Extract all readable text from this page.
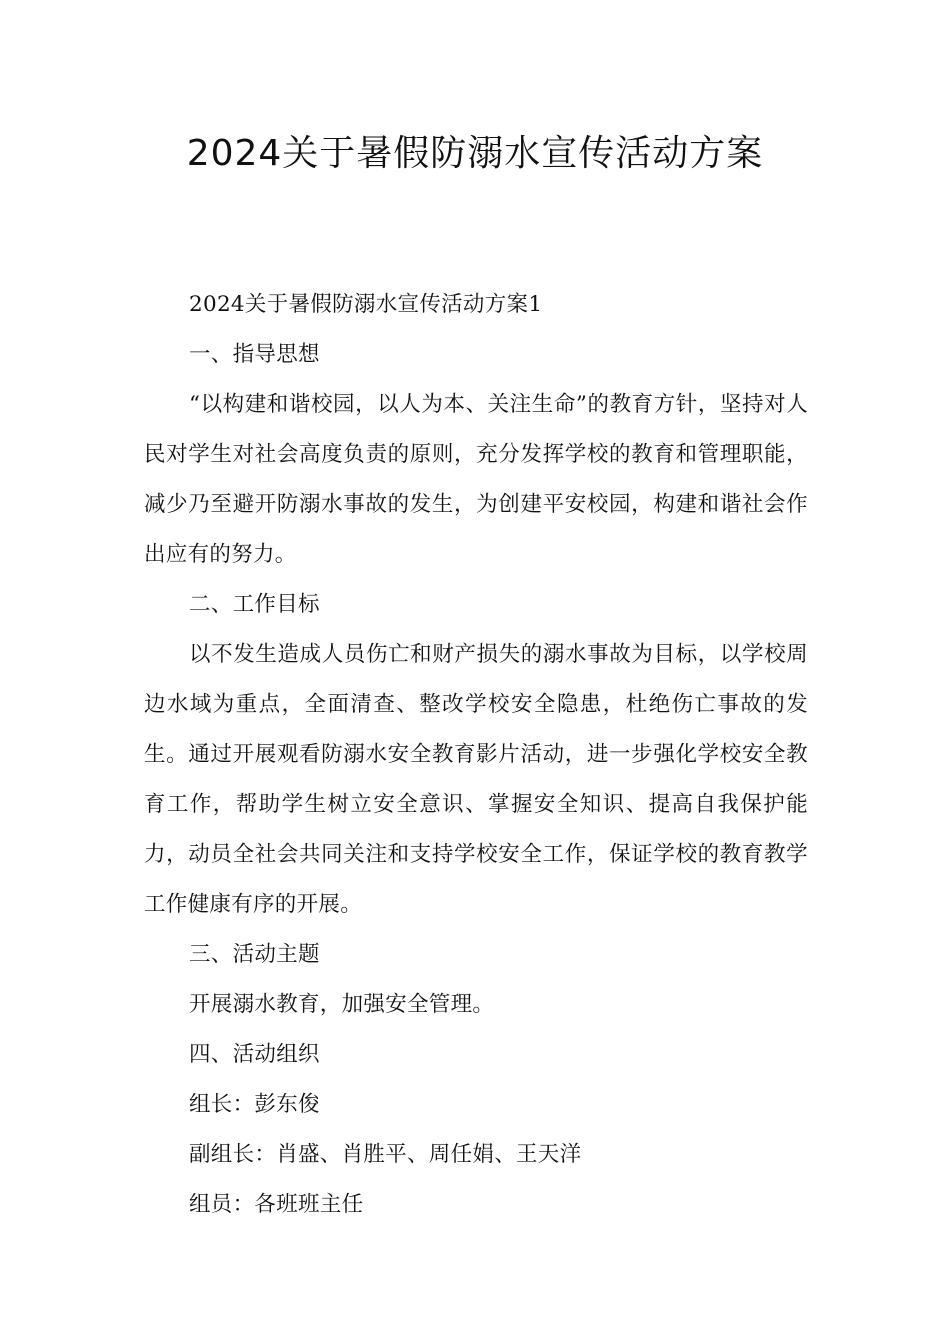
2024关于暑假防溺水宣传活动方案

2024关于暑假防溺水宣传活动方案1

一、指导思想

“以构建和谐校园，以人为本、关注生命”的教育方针，坚持对人民对学生对社会高度负责的原则，充分发挥学校的教育和管理职能，减少乃至避开防溺水事故的发生，为创建平安校园，构建和谐社会作出应有的努力。

二、工作目标

以不发生造成人员伤亡和财产损失的溺水事故为目标，以学校周边水域为重点，全面清查、整改学校安全隐患，杜绝伤亡事故的发生。通过开展观看防溺水安全教育影片活动，进一步强化学校安全教育工作，帮助学生树立安全意识、掌握安全知识、提高自我保护能力，动员全社会共同关注和支持学校安全工作，保证学校的教育教学工作健康有序的开展。

三、活动主题

开展溺水教育，加强安全管理。

四、活动组织

组长：彭东俊

副组长：肖盛、肖胜平、周任娟、王天洋

组员：各班班主任
